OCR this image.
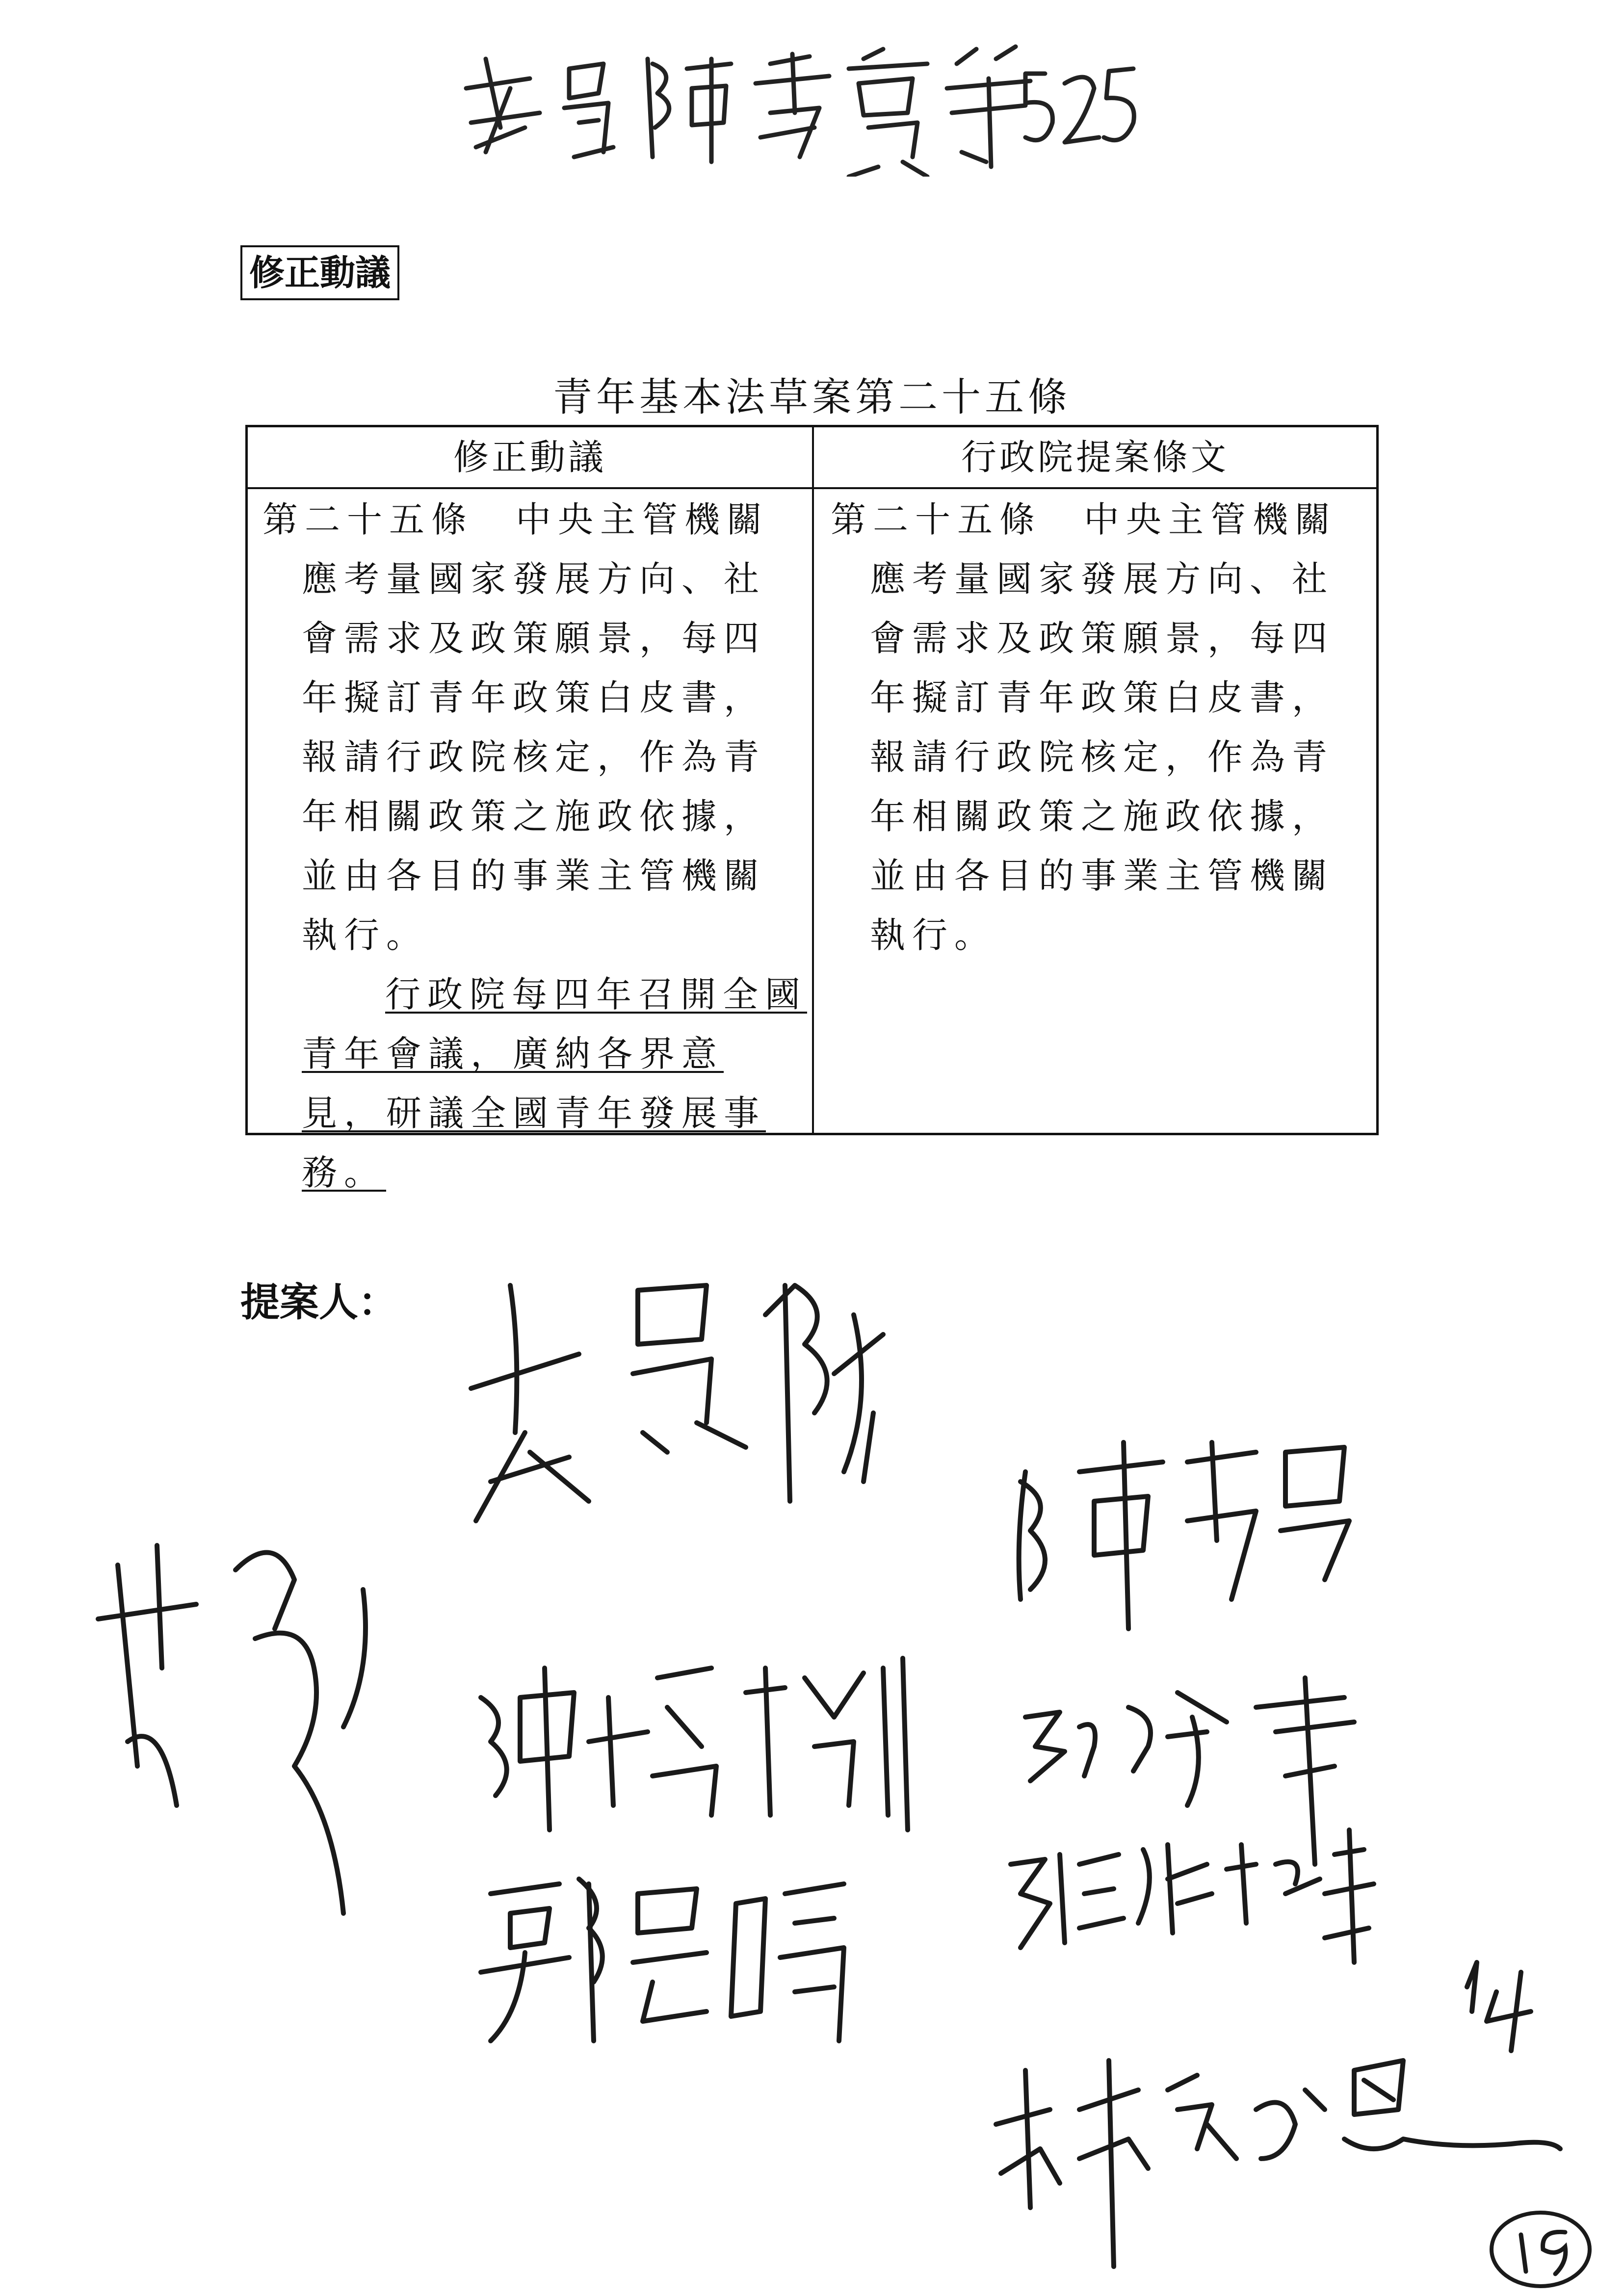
修正動議
青年基本法草案第二十五條
修正動議	行政院提案條文
第二十五條　中央主管機關應考量國家發展方向、社會需求及政策願景，每四年擬訂青年政策白皮書，報請行政院核定，作為青年相關政策之施政依據，並由各目的事業主管機關執行。
行政院每四年召開全國青年會議，廣納各界意見，研議全國青年發展事務。
第二十五條　中央主管機關應考量國家發展方向、社會需求及政策願景，每四年擬訂青年政策白皮書，報請行政院核定，作為青年相關政策之施政依據，並由各目的事業主管機關執行。
提案人：
